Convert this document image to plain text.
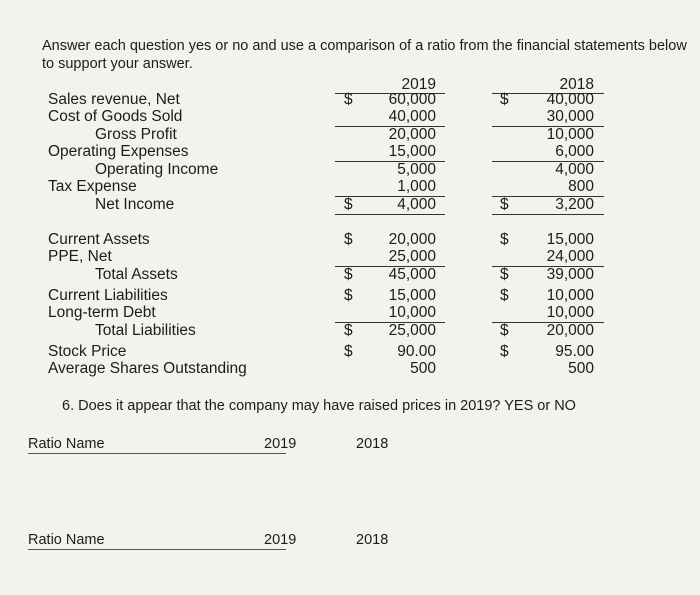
Answer each question yes or no and use a comparison of a ratio from the financial statements below to support your answer.
2019	2018
Sales revenue, Net	$	60,000	$	40,000
Cost of Goods Sold	40,000	30,000
Gross Profit	20,000	10,000
Operating Expenses	15,000	6,000
Operating Income	5,000	4,000
Tax Expense	1,000	800
Net Income	$	4,000	$	3,200
Current Assets	$	20,000	$	15,000
PPE, Net	25,000	24,000
Total Assets	$	45,000	$	39,000
Current Liabilities	$	15,000	$	10,000
Long-term Debt	10,000	10,000
Total Liabilities	$	25,000	$	20,000
Stock Price	$	90.00	$	95.00
Average Shares Outstanding	500	500
6. Does it appear that the company may have raised prices in 2019? YES or NO
Ratio Name	2019	2018
Ratio Name	2019	2018
